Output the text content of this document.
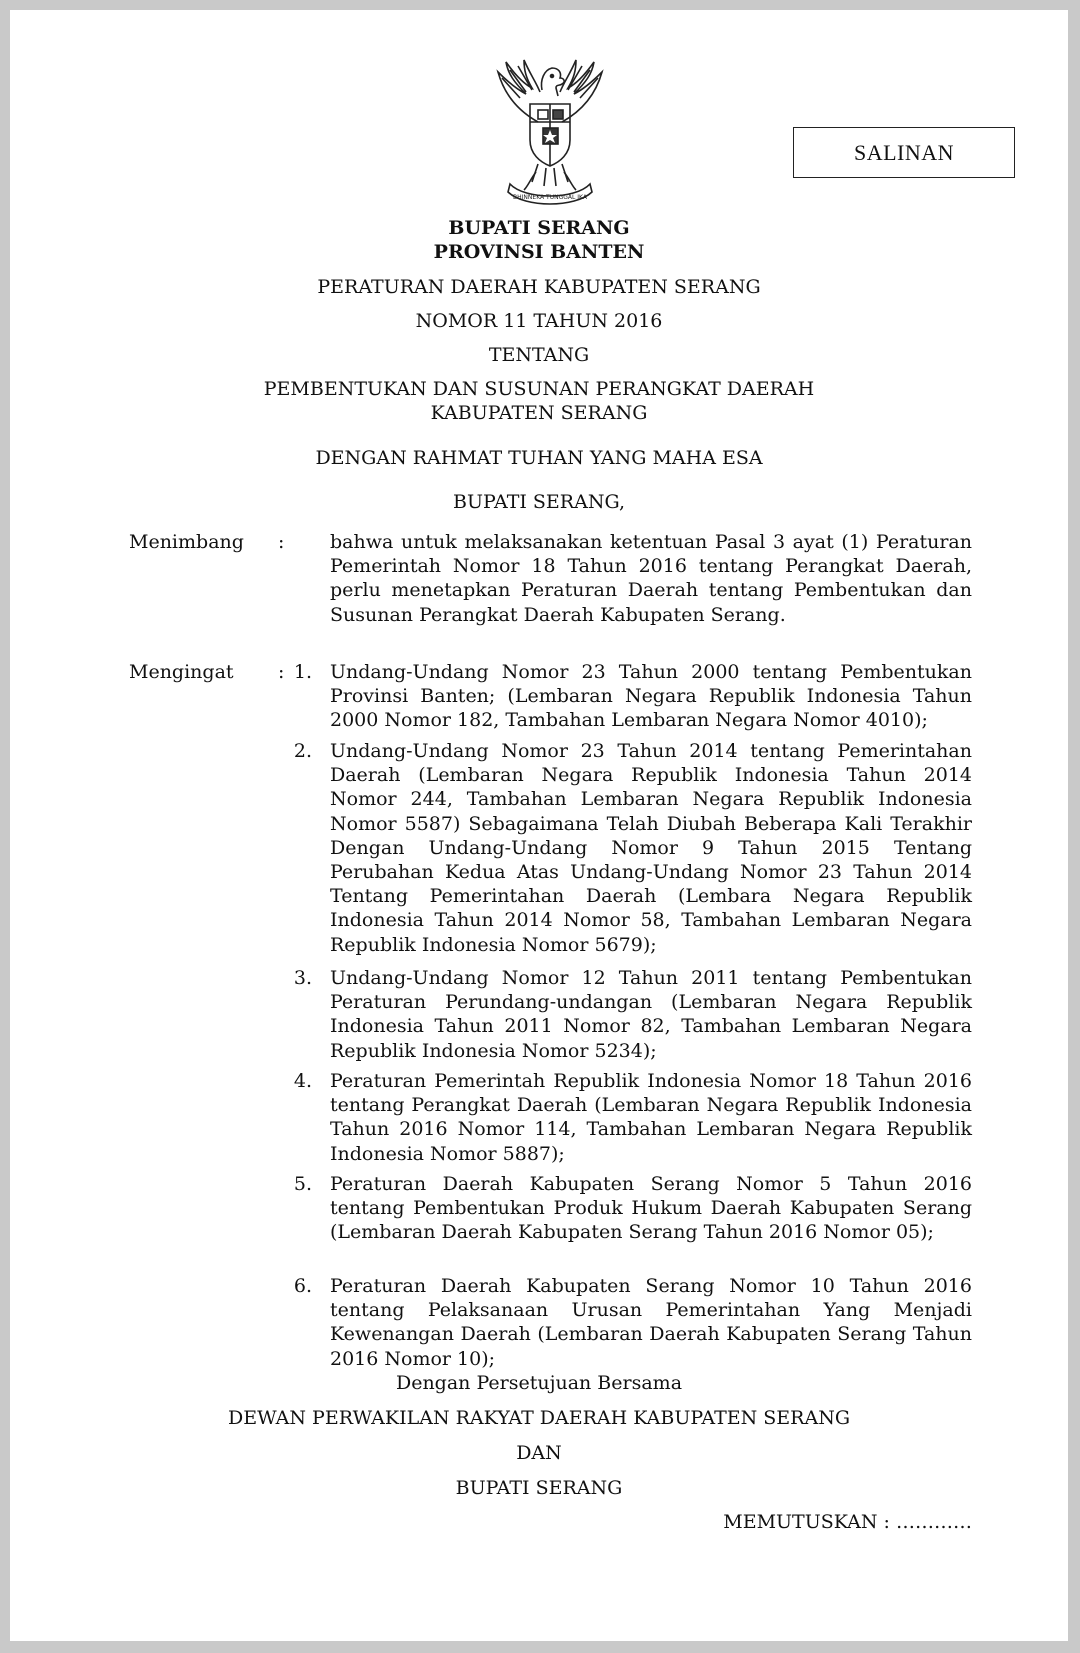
BHINNEKA TUNGGAL IKA
SALINAN
BUPATI SERANG
PROVINSI BANTEN
PERATURAN DAERAH KABUPATEN SERANG
NOMOR 11 TAHUN 2016
TENTANG
PEMBENTUKAN DAN SUSUNAN PERANGKAT DAERAH
KABUPATEN SERANG
DENGAN RAHMAT TUHAN YANG MAHA ESA
BUPATI SERANG,
Menimbang : bahwa untuk melaksanakan ketentuan Pasal 3 ayat (1) Peraturan Pemerintah Nomor 18 Tahun 2016 tentang Perangkat Daerah, perlu menetapkan Peraturan Daerah tentang Pembentukan dan Susunan Perangkat Daerah Kabupaten Serang.

Mengingat : 1. Undang-Undang Nomor 23 Tahun 2000 tentang Pembentukan Provinsi Banten; (Lembaran Negara Republik Indonesia Tahun 2000 Nomor 182, Tambahan Lembaran Negara Nomor 4010);

2. Undang-Undang Nomor 23 Tahun 2014 tentang Pemerintahan Daerah (Lembaran Negara Republik Indonesia Tahun 2014 Nomor 244, Tambahan Lembaran Negara Republik Indonesia Nomor 5587) Sebagaimana Telah Diubah Beberapa Kali Terakhir Dengan Undang-Undang Nomor 9 Tahun 2015 Tentang Perubahan Kedua Atas Undang-Undang Nomor 23 Tahun 2014 Tentang Pemerintahan Daerah (Lembara Negara Republik Indonesia Tahun 2014 Nomor 58, Tambahan Lembaran Negara Republik Indonesia Nomor 5679);

3. Undang-Undang Nomor 12 Tahun 2011 tentang Pembentukan Peraturan Perundang-undangan (Lembaran Negara Republik Indonesia Tahun 2011 Nomor 82, Tambahan Lembaran Negara Republik Indonesia Nomor 5234);

4. Peraturan Pemerintah Republik Indonesia Nomor 18 Tahun 2016 tentang Perangkat Daerah (Lembaran Negara Republik Indonesia Tahun 2016 Nomor 114, Tambahan Lembaran Negara Republik Indonesia Nomor 5887);

5. Peraturan Daerah Kabupaten Serang Nomor 5 Tahun 2016 tentang Pembentukan Produk Hukum Daerah Kabupaten Serang (Lembaran Daerah Kabupaten Serang Tahun 2016 Nomor 05);

6. Peraturan Daerah Kabupaten Serang Nomor 10 Tahun 2016 tentang Pelaksanaan Urusan Pemerintahan Yang Menjadi Kewenangan Daerah (Lembaran Daerah Kabupaten Serang Tahun 2016 Nomor 10);

Dengan Persetujuan Bersama
DEWAN PERWAKILAN RAKYAT DAERAH KABUPATEN SERANG
DAN
BUPATI SERANG
MEMUTUSKAN : …………
